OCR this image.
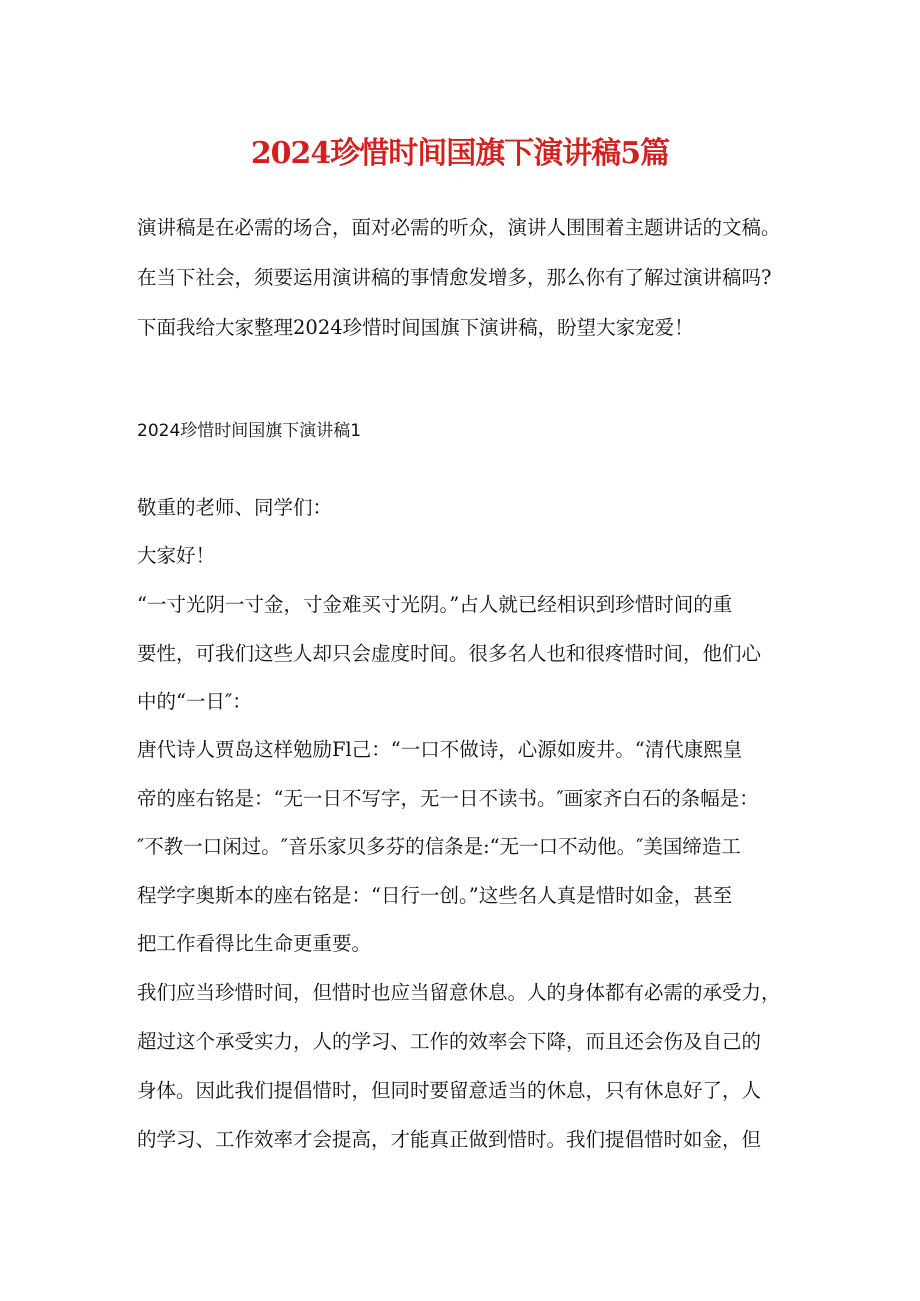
2024珍惜时间国旗下演讲稿5篇
演讲稿是在必需的场合，面对必需的听众，演讲人围围着主题讲话的文稿。
在当下社会，须要运用演讲稿的事情愈发增多，那么你有了解过演讲稿吗?
下面我给大家整理2024珍惜时间国旗下演讲稿，盼望大家宠爱！
2024珍惜时间国旗下演讲稿1
敬重的老师、同学们：
大家好！
“一寸光阴一寸金，寸金难买寸光阴。”占人就已经相识到珍惜时间的重
要性，可我们这些人却只会虚度时间。很多名人也和很疼惜时间，他们心
中的“一日″：
唐代诗人贾岛这样勉励Fl己：“一口不做诗，心源如废井。“清代康熙皇
帝的座右铭是：“无一日不写字，无一日不读书。″画家齐白石的条幅是：
″不教一口闲过。″音乐家贝多芬的信条是:“无一口不动他。″美国缔造工
程学字奥斯本的座右铭是：“日行一创。”这些名人真是惜时如金，甚至
把工作看得比生命更重要。
我们应当珍惜时间，但惜时也应当留意休息。人的身体都有必需的承受力，
超过这个承受实力，人的学习、工作的效率会下降，而且还会伤及自己的
身体。因此我们提倡惜时，但同时要留意适当的休息，只有休息好了，人
的学习、工作效率才会提高，才能真正做到惜时。我们提倡惜时如金，但
